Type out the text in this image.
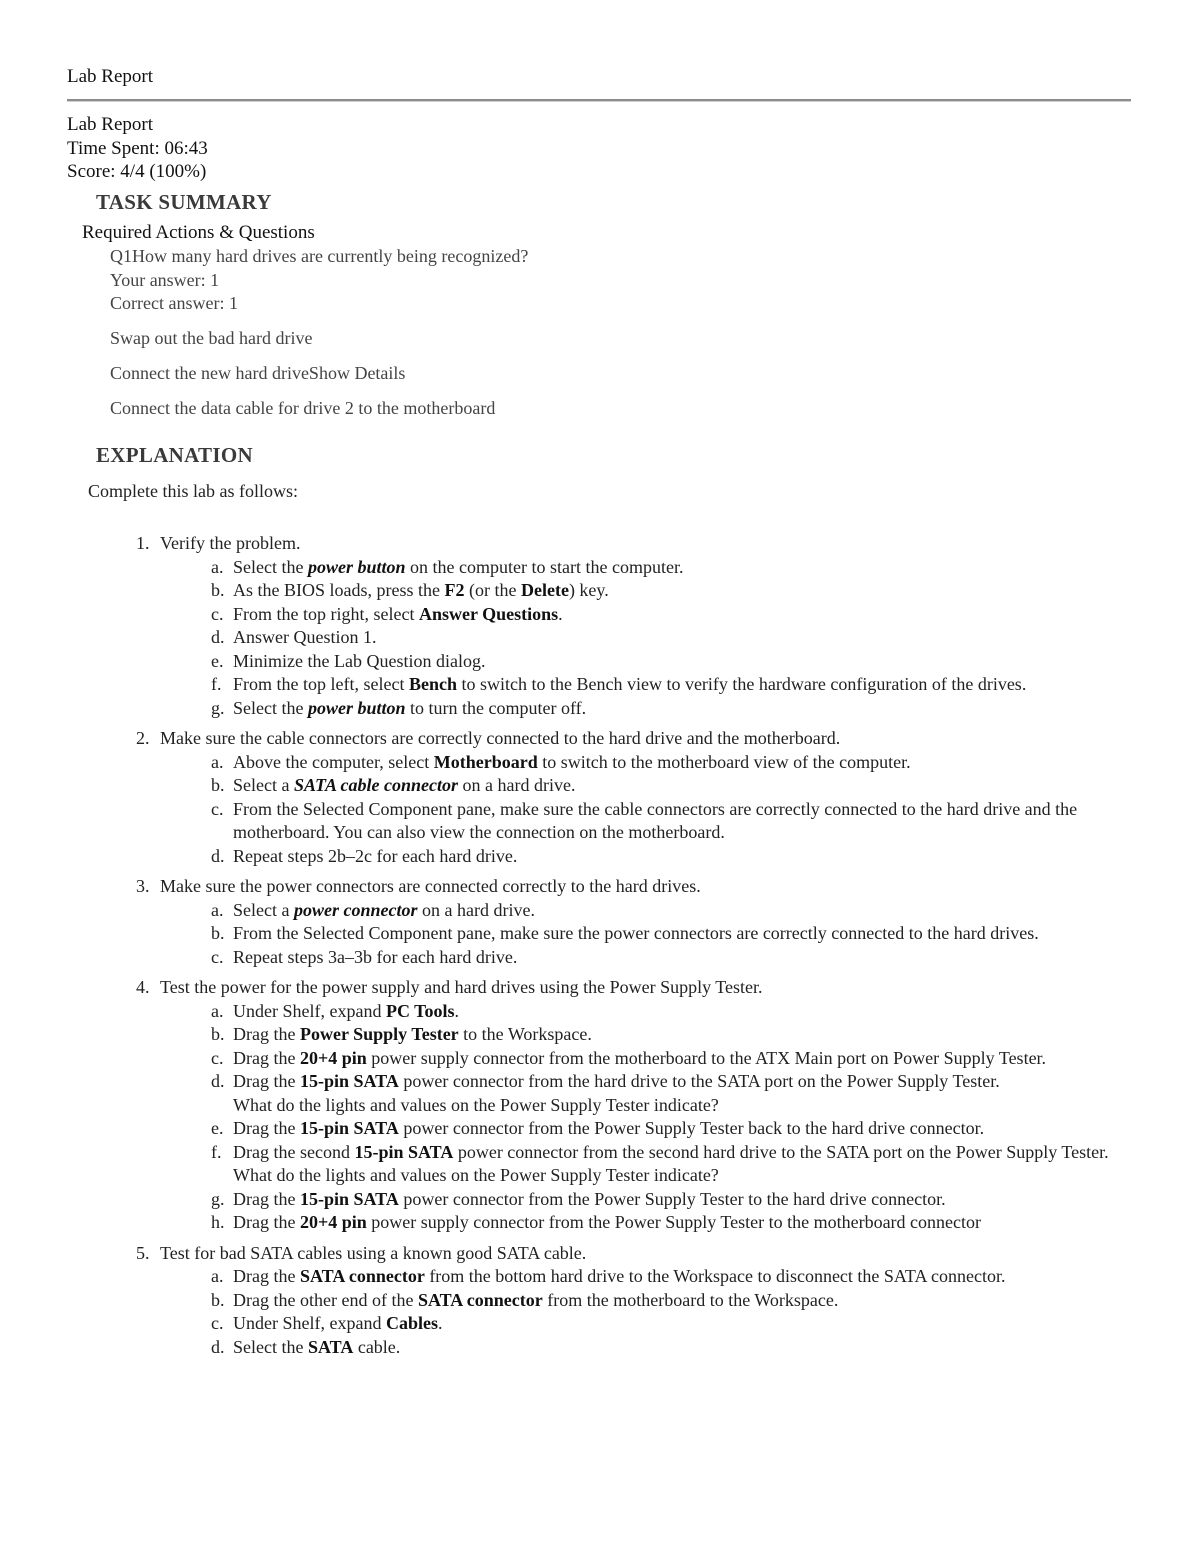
Lab Report
Lab Report
Time Spent: 06:43
Score: 4/4 (100%)
TASK SUMMARY
Required Actions & Questions
Q1How many hard drives are currently being recognized?
Your answer: 1
Correct answer: 1
Swap out the bad hard drive
Connect the new hard driveShow Details
Connect the data cable for drive 2 to the motherboard
EXPLANATION
Complete this lab as follows:
1. Verify the problem.
a. Select the power button on the computer to start the computer.
b. As the BIOS loads, press the F2 (or the Delete) key.
c. From the top right, select Answer Questions.
d. Answer Question 1.
e. Minimize the Lab Question dialog.
f. From the top left, select Bench to switch to the Bench view to verify the hardware configuration of the drives.
g. Select the power button to turn the computer off.
2. Make sure the cable connectors are correctly connected to the hard drive and the motherboard.
a. Above the computer, select Motherboard to switch to the motherboard view of the computer.
b. Select a SATA cable connector on a hard drive.
c. From the Selected Component pane, make sure the cable connectors are correctly connected to the hard drive and the motherboard. You can also view the connection on the motherboard.
d. Repeat steps 2b–2c for each hard drive.
3. Make sure the power connectors are connected correctly to the hard drives.
a. Select a power connector on a hard drive.
b. From the Selected Component pane, make sure the power connectors are correctly connected to the hard drives.
c. Repeat steps 3a–3b for each hard drive.
4. Test the power for the power supply and hard drives using the Power Supply Tester.
a. Under Shelf, expand PC Tools.
b. Drag the Power Supply Tester to the Workspace.
c. Drag the 20+4 pin power supply connector from the motherboard to the ATX Main port on Power Supply Tester.
d. Drag the 15-pin SATA power connector from the hard drive to the SATA port on the Power Supply Tester.
What do the lights and values on the Power Supply Tester indicate?
e. Drag the 15-pin SATA power connector from the Power Supply Tester back to the hard drive connector.
f. Drag the second 15-pin SATA power connector from the second hard drive to the SATA port on the Power Supply Tester.
What do the lights and values on the Power Supply Tester indicate?
g. Drag the 15-pin SATA power connector from the Power Supply Tester to the hard drive connector.
h. Drag the 20+4 pin power supply connector from the Power Supply Tester to the motherboard connector
5. Test for bad SATA cables using a known good SATA cable.
a. Drag the SATA connector from the bottom hard drive to the Workspace to disconnect the SATA connector.
b. Drag the other end of the SATA connector from the motherboard to the Workspace.
c. Under Shelf, expand Cables.
d. Select the SATA cable.
